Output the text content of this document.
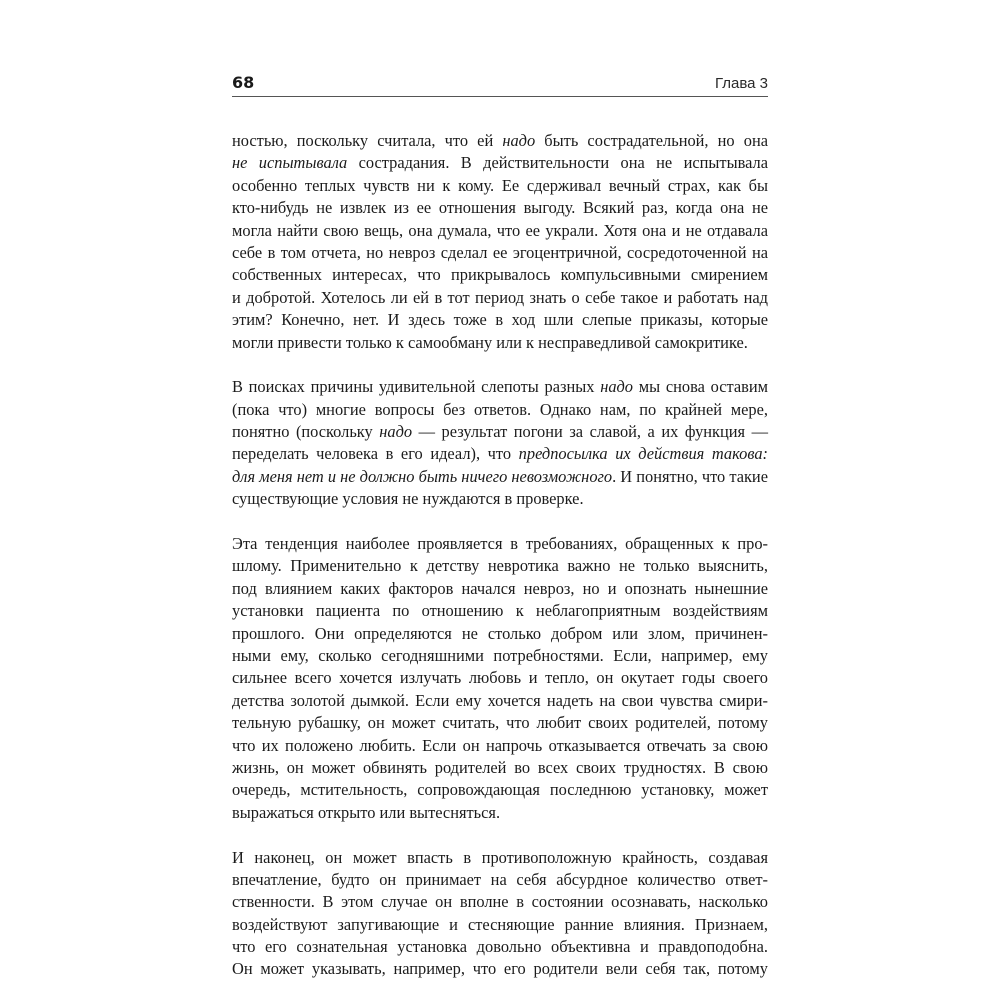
68	Глава 3

ностью, поскольку считала, что ей надо быть сострадательной, но она
не испытывала сострадания. В действительности она не испытывала
особенно теплых чувств ни к кому. Ее сдерживал вечный страх, как бы
кто-нибудь не извлек из ее отношения выгоду. Всякий раз, когда она не
могла найти свою вещь, она думала, что ее украли. Хотя она и не отдавала
себе в том отчета, но невроз сделал ее эгоцентричной, сосредоточенной на
собственных интересах, что прикрывалось компульсивными смирением
и добротой. Хотелось ли ей в тот период знать о себе такое и работать над
этим? Конечно, нет. И здесь тоже в ход шли слепые приказы, которые
могли привести только к самообману или к несправедливой самокритике.

В поисках причины удивительной слепоты разных надо мы снова оставим
(пока что) многие вопросы без ответов. Однако нам, по крайней мере,
понятно (поскольку надо — результат погони за славой, а их функция —
переделать человека в его идеал), что предпосылка их действия такова:
для меня нет и не должно быть ничего невозможного. И понятно, что такие
существующие условия не нуждаются в проверке.

Эта тенденция наиболее проявляется в требованиях, обращенных к про-
шлому. Применительно к детству невротика важно не только выяснить,
под влиянием каких факторов начался невроз, но и опознать нынешние
установки пациента по отношению к неблагоприятным воздействиям
прошлого. Они определяются не столько добром или злом, причинен-
ными ему, сколько сегодняшними потребностями. Если, например, ему
сильнее всего хочется излучать любовь и тепло, он окутает годы своего
детства золотой дымкой. Если ему хочется надеть на свои чувства смири-
тельную рубашку, он может считать, что любит своих родителей, потому
что их положено любить. Если он напрочь отказывается отвечать за свою
жизнь, он может обвинять родителей во всех своих трудностях. В свою
очередь, мстительность, сопровождающая последнюю установку, может
выражаться открыто или вытесняться.

И наконец, он может впасть в противоположную крайность, создавая
впечатление, будто он принимает на себя абсурдное количество ответ-
ственности. В этом случае он вполне в состоянии осознавать, насколько
воздействуют запугивающие и стесняющие ранние влияния. Признаем,
что его сознательная установка довольно объективна и правдоподобна.
Он может указывать, например, что его родители вели себя так, потому
